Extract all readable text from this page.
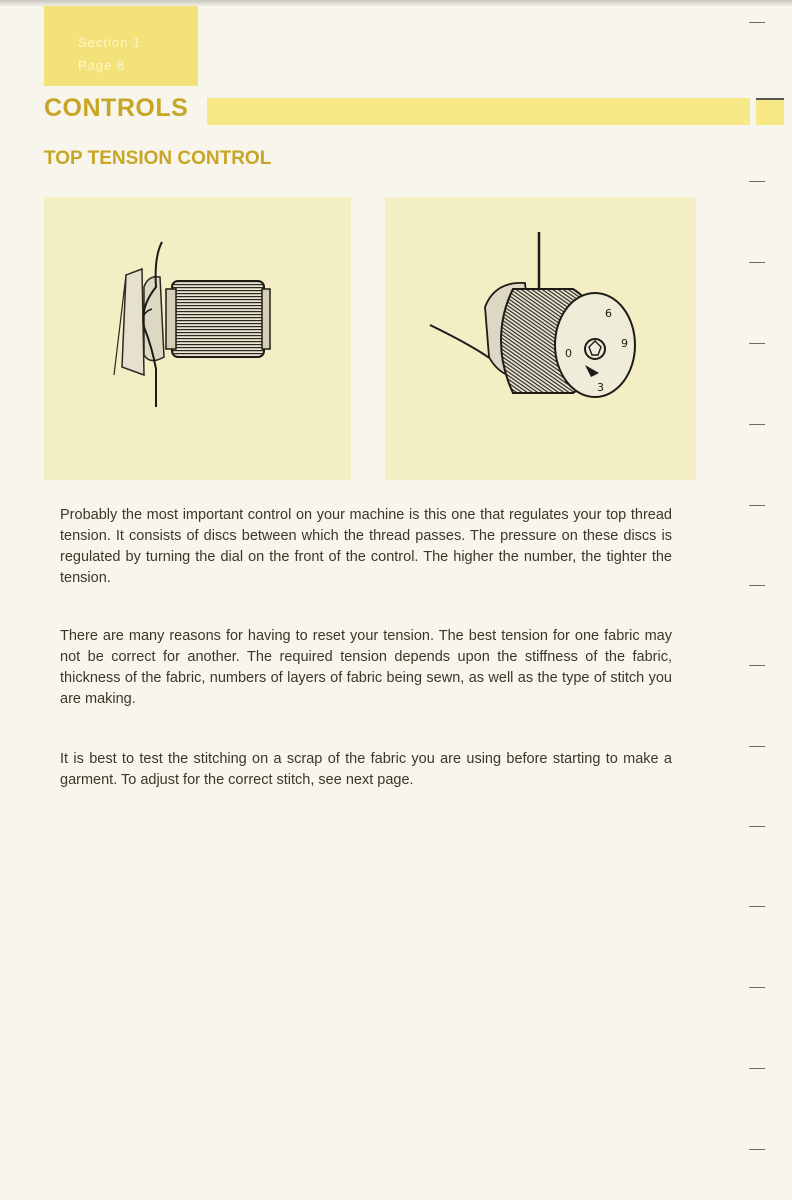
Section 1
Page 8
CONTROLS
TOP TENSION CONTROL
6
9
0
3

Probably the most important control on your machine is this one that regulates your top thread tension. It consists of discs between which the thread passes. The pressure on these discs is regulated by turning the dial on the front of the control. The higher the number, the tighter the tension.

There are many reasons for having to reset your tension. The best tension for one fabric may not be correct for another. The required tension depends upon the stiffness of the fabric, thickness of the fabric, numbers of layers of fabric being sewn, as well as the type of stitch you are making.

It is best to test the stitching on a scrap of the fabric you are using before starting to make a garment. To adjust for the correct stitch, see next page.
